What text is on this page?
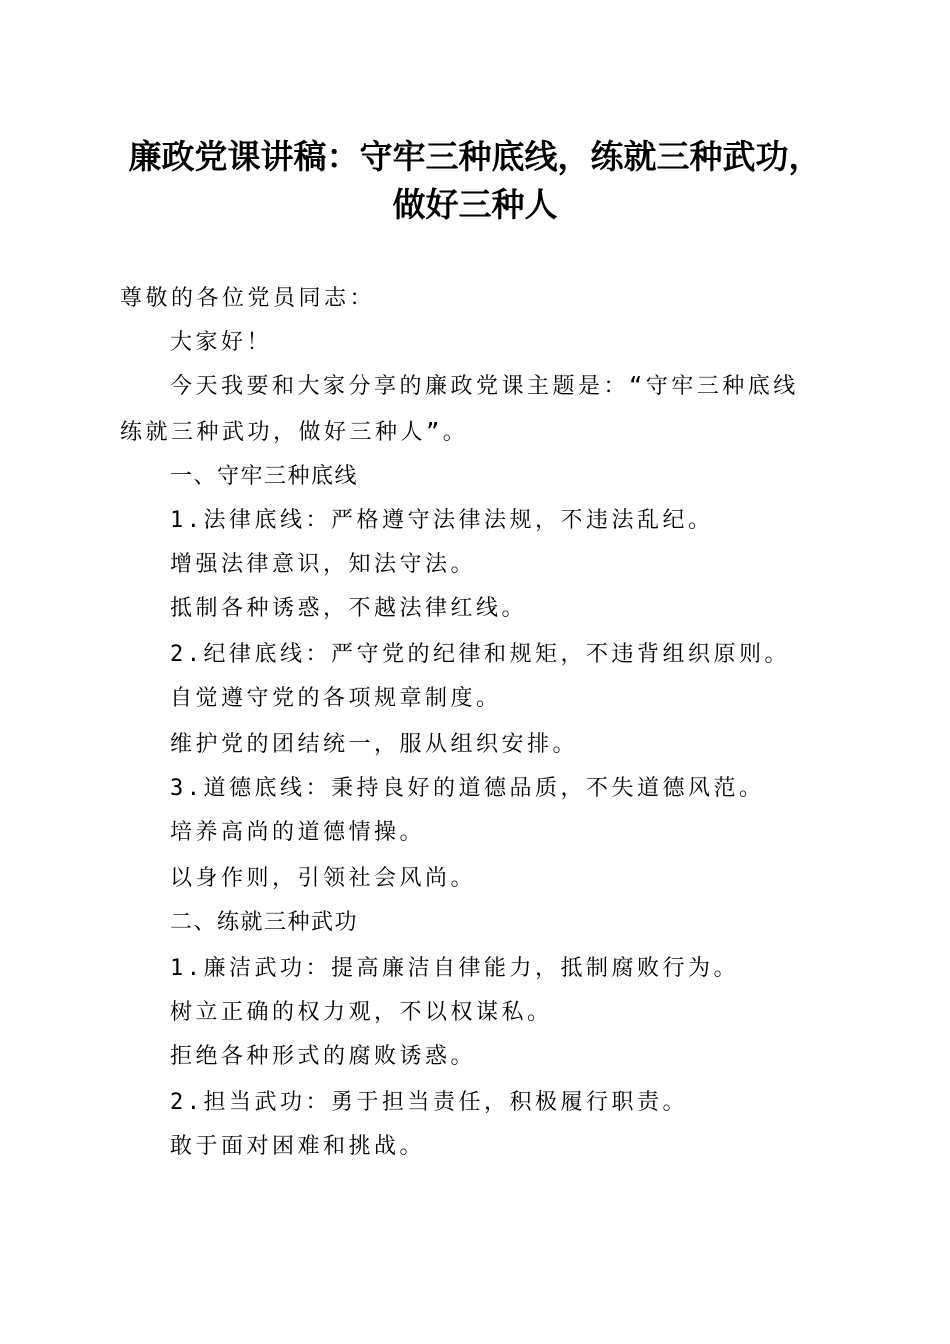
廉政党课讲稿：守牢三种底线，练就三种武功，
做好三种人
尊敬的各位党员同志：
大家好！
今天我要和大家分享的廉政党课主题是：“守牢三种底线
练就三种武功，做好三种人”。
一、守牢三种底线
1.法律底线：严格遵守法律法规，不违法乱纪。
增强法律意识，知法守法。
抵制各种诱惑，不越法律红线。
2.纪律底线：严守党的纪律和规矩，不违背组织原则。
自觉遵守党的各项规章制度。
维护党的团结统一，服从组织安排。
3.道德底线：秉持良好的道德品质，不失道德风范。
培养高尚的道德情操。
以身作则，引领社会风尚。
二、练就三种武功
1.廉洁武功：提高廉洁自律能力，抵制腐败行为。
树立正确的权力观，不以权谋私。
拒绝各种形式的腐败诱惑。
2.担当武功：勇于担当责任，积极履行职责。
敢于面对困难和挑战。
